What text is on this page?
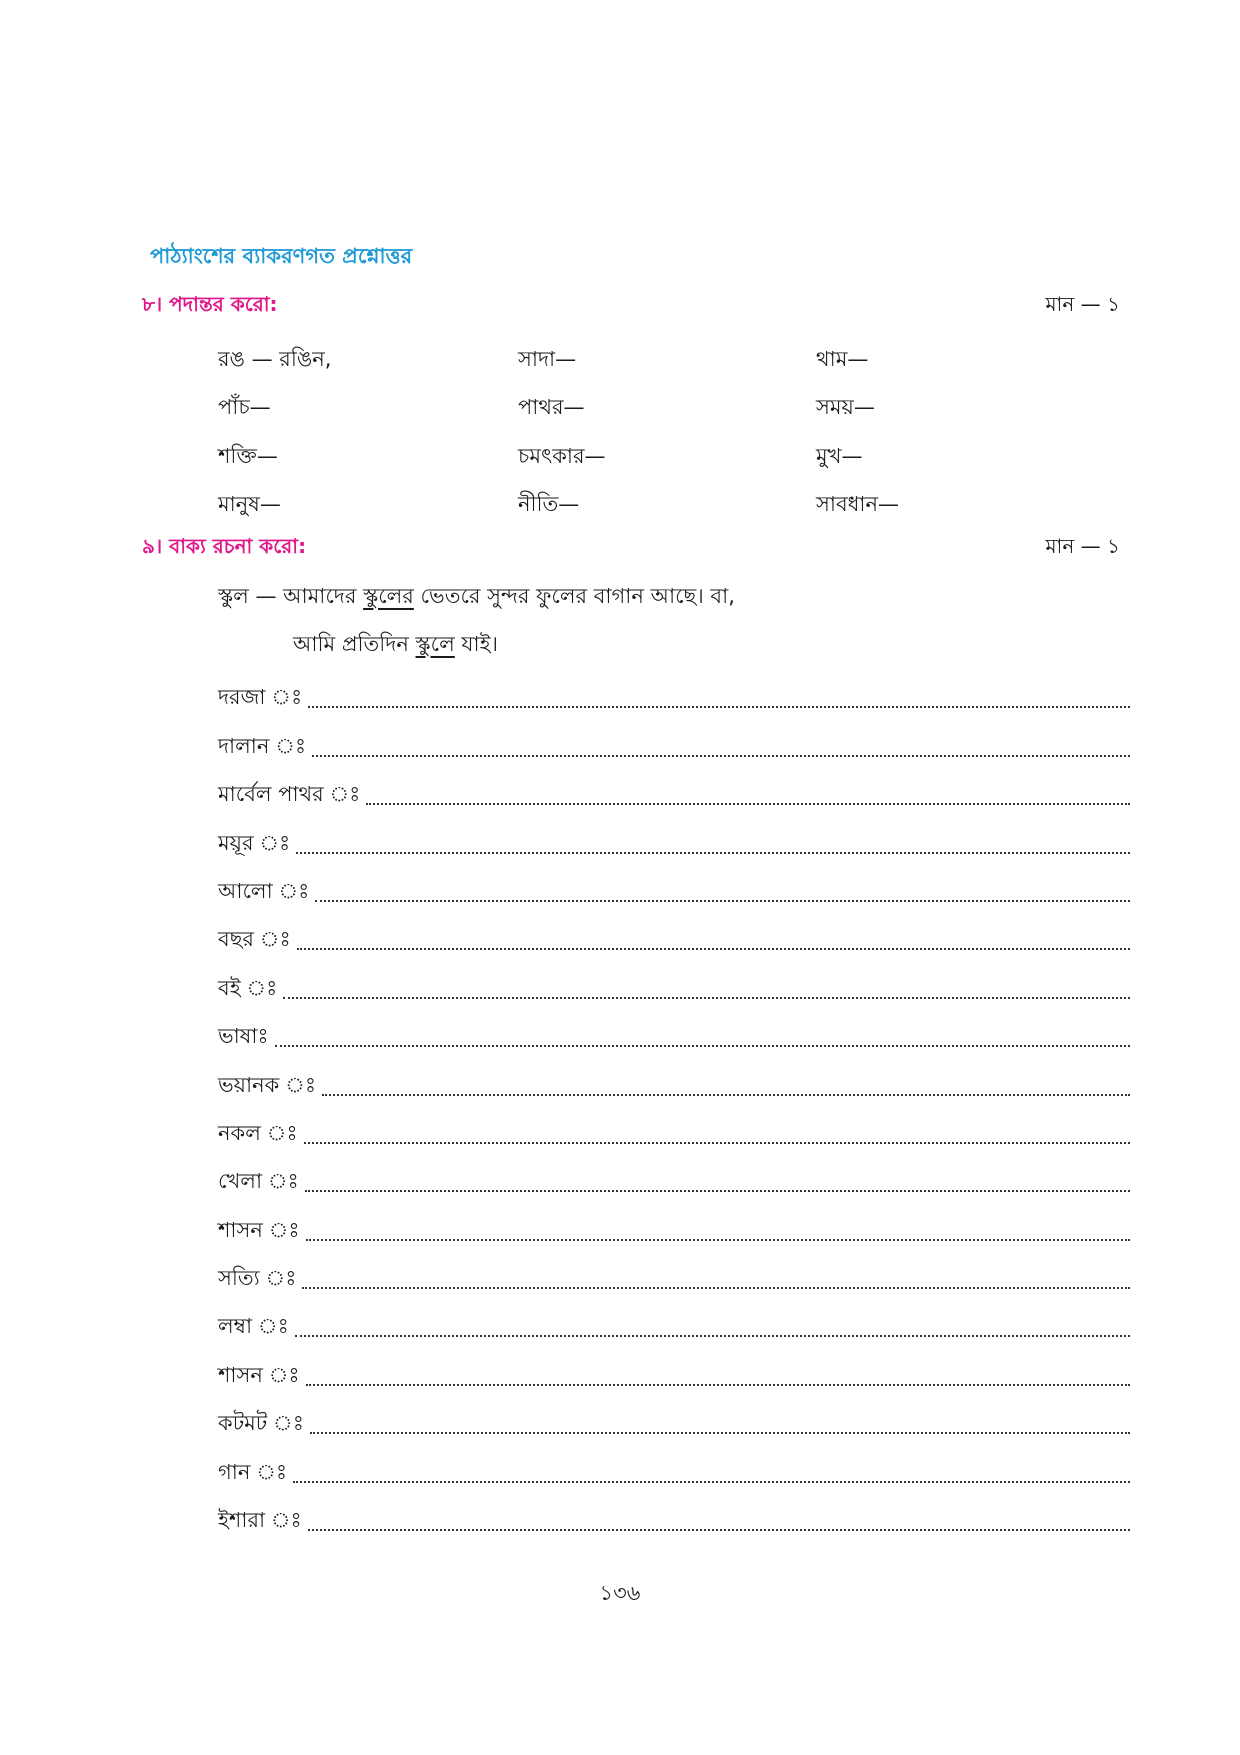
পাঠ্যাংশের ব্যাকরণগত প্রশ্নোত্তর
৮। পদান্তর করো:	মান — ১
রঙ — রঙিন,	সাদা—	থাম—
পাঁচ—	পাথর—	সময়—
শক্তি—	চমৎকার—	মুখ—
মানুষ—	নীতি—	সাবধান—
৯। বাক্য রচনা করো:	মান — ১
স্কুল — আমাদের স্কুলের ভেতরে সুন্দর ফুলের বাগান আছে। বা,
আমি প্রতিদিন স্কুলে যাই।
দরজা ঃ
দালান ঃ
মার্বেল পাথর ঃ
ময়ূর ঃ
আলো ঃ
বছর ঃ
বই ঃ
ভাষাঃ
ভয়ানক ঃ
নকল ঃ
খেলা ঃ
শাসন ঃ
সত্যি ঃ
লম্বা ঃ
শাসন ঃ
কটমট ঃ
গান ঃ
ইশারা ঃ
১৩৬
